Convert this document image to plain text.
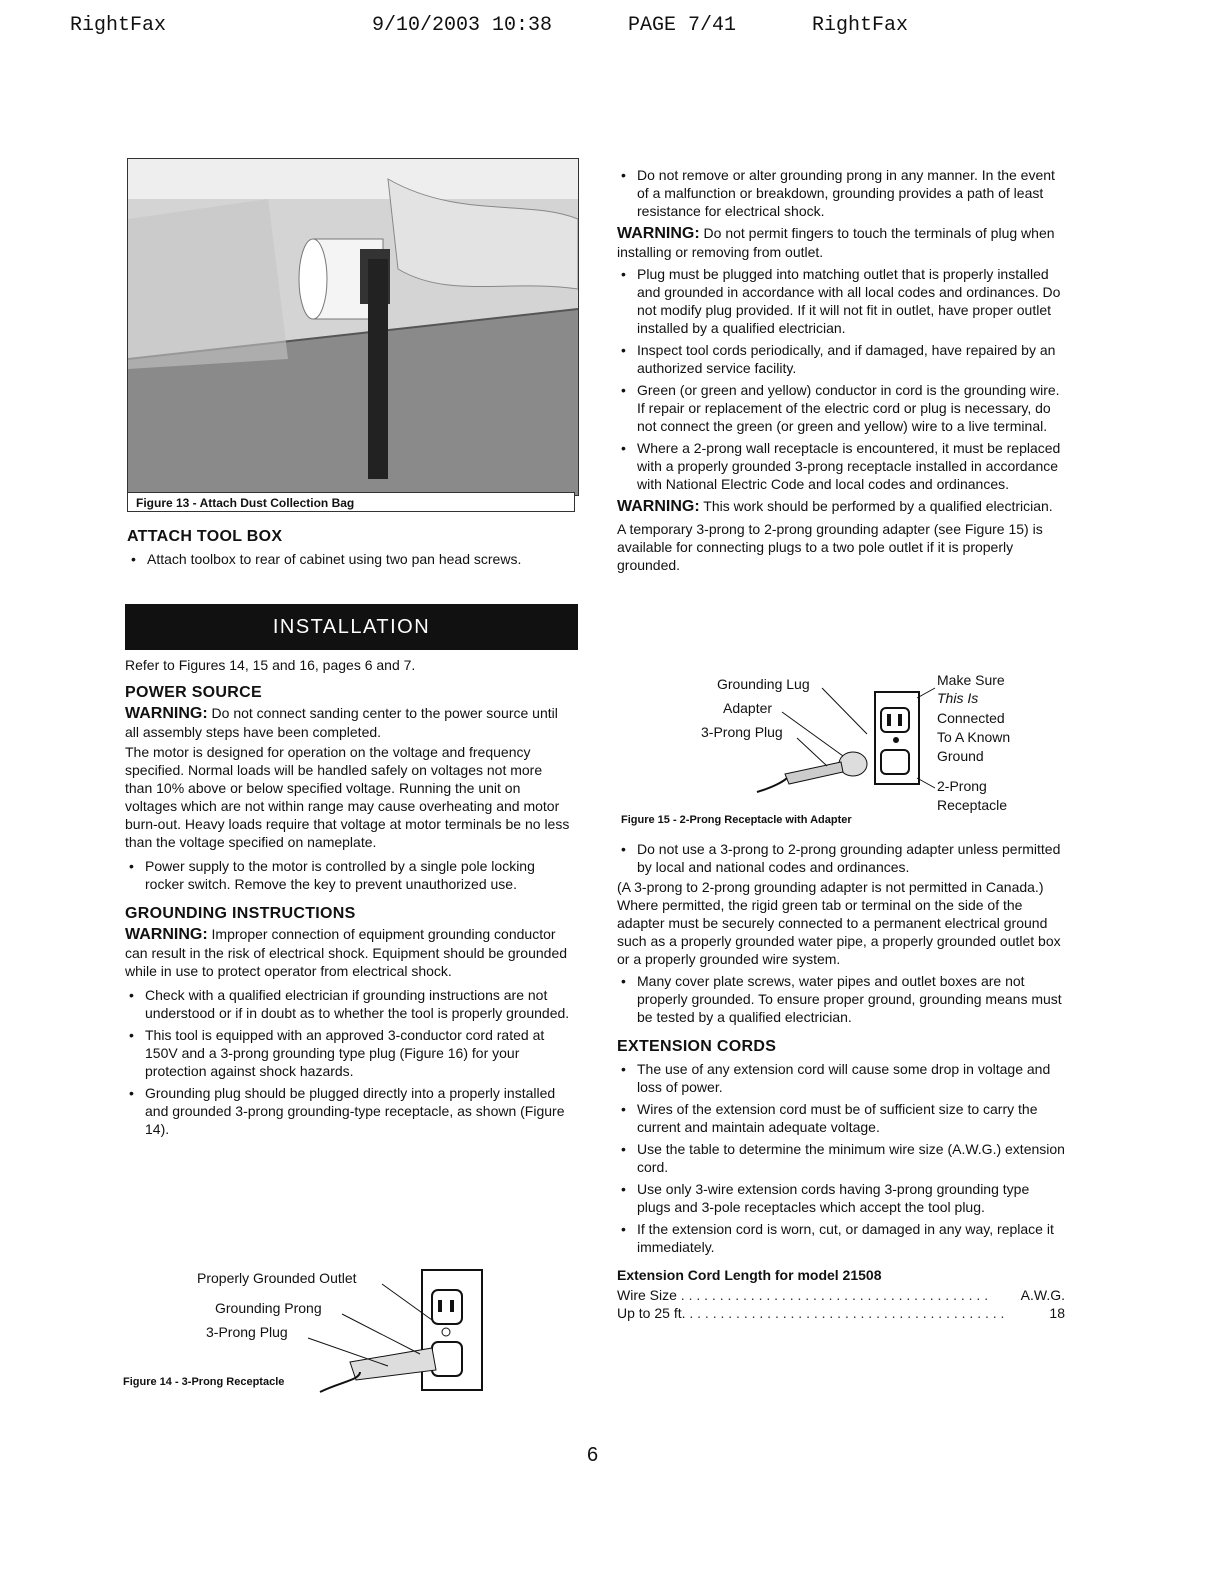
RightFax	9/10/2003 10:38	PAGE 7/41	RightFax
Figure 13 - Attach Dust Collection Bag
ATTACH TOOL BOX
• Attach toolbox to rear of cabinet using two pan head screws.
INSTALLATION

Refer to Figures 14, 15 and 16, pages 6 and 7.

POWER SOURCE

WARNING: Do not connect sanding center to the power source until all assembly steps have been completed.

The motor is designed for operation on the voltage and frequency specified. Normal loads will be handled safely on voltages not more than 10% above or below specified voltage. Running the unit on voltages which are not within range may cause overheating and motor burn-out. Heavy loads require that voltage at motor terminals be no less than the voltage specified on nameplate.

• Power supply to the motor is controlled by a single pole locking rocker switch. Remove the key to prevent unauthorized use.
GROUNDING INSTRUCTIONS

WARNING: Improper connection of equipment grounding conductor can result in the risk of electrical shock. Equipment should be grounded while in use to protect operator from electrical shock.

• Check with a qualified electrician if grounding instructions are not understood or if in doubt as to whether the tool is properly grounded.
• This tool is equipped with an approved 3-conductor cord rated at 150V and a 3-prong grounding type plug (Figure 16) for your protection against shock hazards.
• Grounding plug should be plugged directly into a properly installed and grounded 3-prong grounding-type receptacle, as shown (Figure 14).
Properly Grounded Outlet
Grounding Prong
3-Prong Plug
Figure 14 - 3-Prong Receptacle
• Do not remove or alter grounding prong in any manner. In the event of a malfunction or breakdown, grounding provides a path of least resistance for electrical shock.

WARNING: Do not permit fingers to touch the terminals of plug when installing or removing from outlet.

• Plug must be plugged into matching outlet that is properly installed and grounded in accordance with all local codes and ordinances. Do not modify plug provided. If it will not fit in outlet, have proper outlet installed by a qualified electrician.
• Inspect tool cords periodically, and if damaged, have repaired by an authorized service facility.
• Green (or green and yellow) conductor in cord is the grounding wire. If repair or replacement of the electric cord or plug is necessary, do not connect the green (or green and yellow) wire to a live terminal.
• Where a 2-prong wall receptacle is encountered, it must be replaced with a properly grounded 3-prong receptacle installed in accordance with National Electric Code and local codes and ordinances.

WARNING: This work should be performed by a qualified electrician.

A temporary 3-prong to 2-prong grounding adapter (see Figure 15) is available for connecting plugs to a two pole outlet if it is properly grounded.

Grounding Lug
Adapter
3-Prong Plug
Make Sure
This Is
Connected
To A Known
Ground
2-Prong
Receptacle
Figure 15 - 2-Prong Receptacle with Adapter
• Do not use a 3-prong to 2-prong grounding adapter unless permitted by local and national codes and ordinances.

(A 3-prong to 2-prong grounding adapter is not permitted in Canada.) Where permitted, the rigid green tab or terminal on the side of the adapter must be securely connected to a permanent electrical ground such as a properly grounded water pipe, a properly grounded outlet box or a properly grounded wire system.

• Many cover plate screws, water pipes and outlet boxes are not properly grounded. To ensure proper ground, grounding means must be tested by a qualified electrician.
EXTENSION CORDS
• The use of any extension cord will cause some drop in voltage and loss of power.
• Wires of the extension cord must be of sufficient size to carry the current and maintain adequate voltage.
• Use the table to determine the minimum wire size (A.W.G.) extension cord.
• Use only 3-wire extension cords having 3-prong grounding type plugs and 3-pole receptacles which accept the tool plug.
• If the extension cord is worn, cut, or damaged in any way, replace it immediately.

Extension Cord Length for model 21508

Wire Size . . . . . . . . . . . . . . . . . . . . . . . . . . . . . . . . . . . . . . . .	A.W.G.
Up to 25 ft. . . . . . . . . . . . . . . . . . . . . . . . . . . . . . . . . . . . . . . . . .	18
6
